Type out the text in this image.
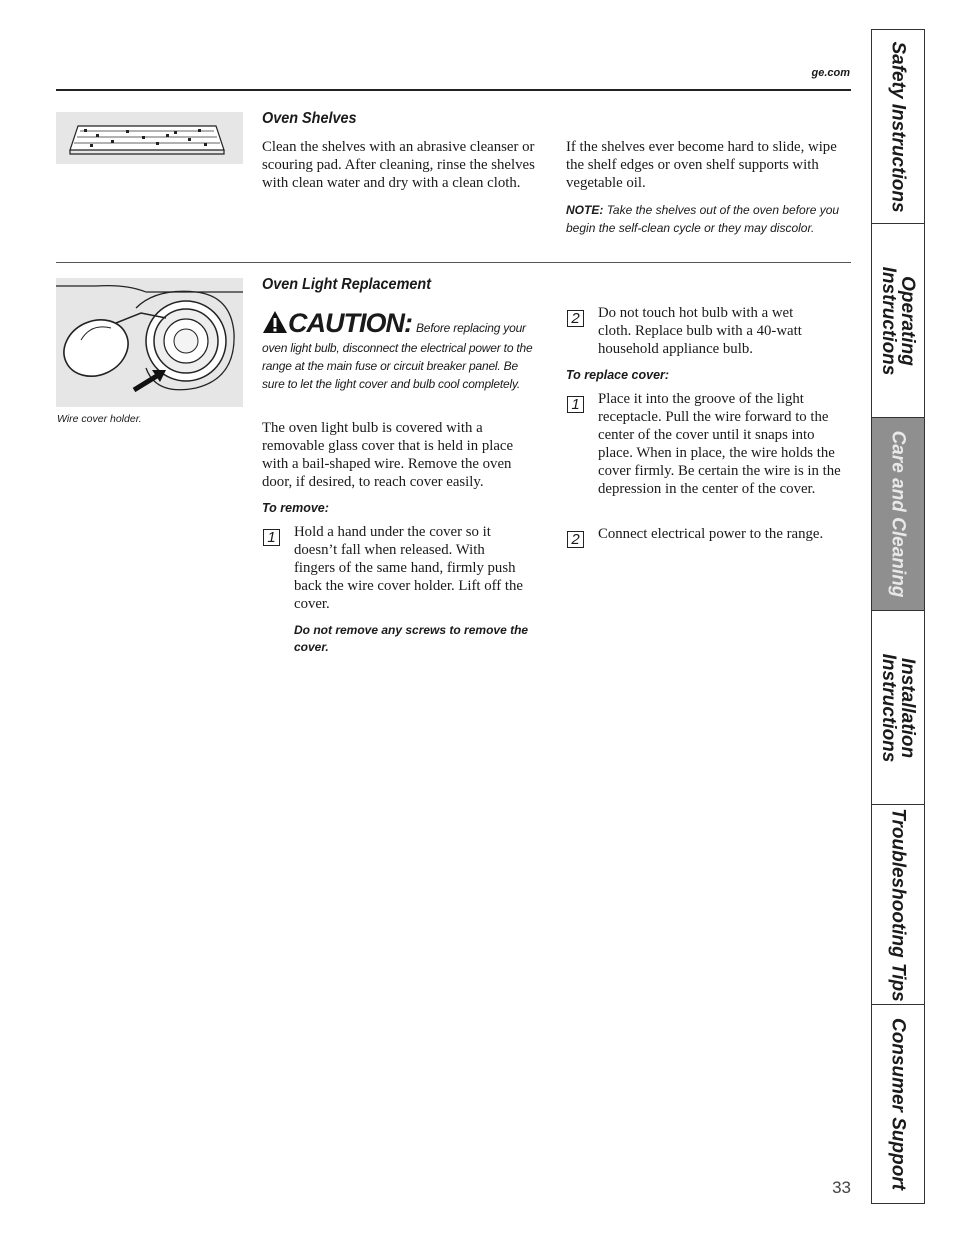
ge.com
Oven Shelves
Clean the shelves with an abrasive cleanser or scouring pad. After cleaning, rinse the shelves with clean water and dry with a clean cloth.
If the shelves ever become hard to slide, wipe the shelf edges or oven shelf supports with vegetable oil.
NOTE: Take the shelves out of the oven before you begin the self-clean cycle or they may discolor.
Wire cover holder.
Oven Light Replacement
CAUTION: Before replacing your oven light bulb, disconnect the electrical power to the range at the main fuse or circuit breaker panel. Be sure to let the light cover and bulb cool completely.
The oven light bulb is covered with a removable glass cover that is held in place with a bail-shaped wire. Remove the oven door, if desired, to reach cover easily.
To remove:
1 Hold a hand under the cover so it doesn’t fall when released. With fingers of the same hand, firmly push back the wire cover holder. Lift off the cover.
Do not remove any screws to remove the cover.
2 Do not touch hot bulb with a wet cloth. Replace bulb with a 40-watt household appliance bulb.
To replace cover:
1 Place it into the groove of the light receptacle. Pull the wire forward to the center of the cover until it snaps into place. When in place, the wire holds the cover firmly. Be certain the wire is in the depression in the center of the cover.
2 Connect electrical power to the range.
Safety Instructions
Operating Instructions
Care and Cleaning
Installation Instructions
Troubleshooting Tips
Consumer Support
33
